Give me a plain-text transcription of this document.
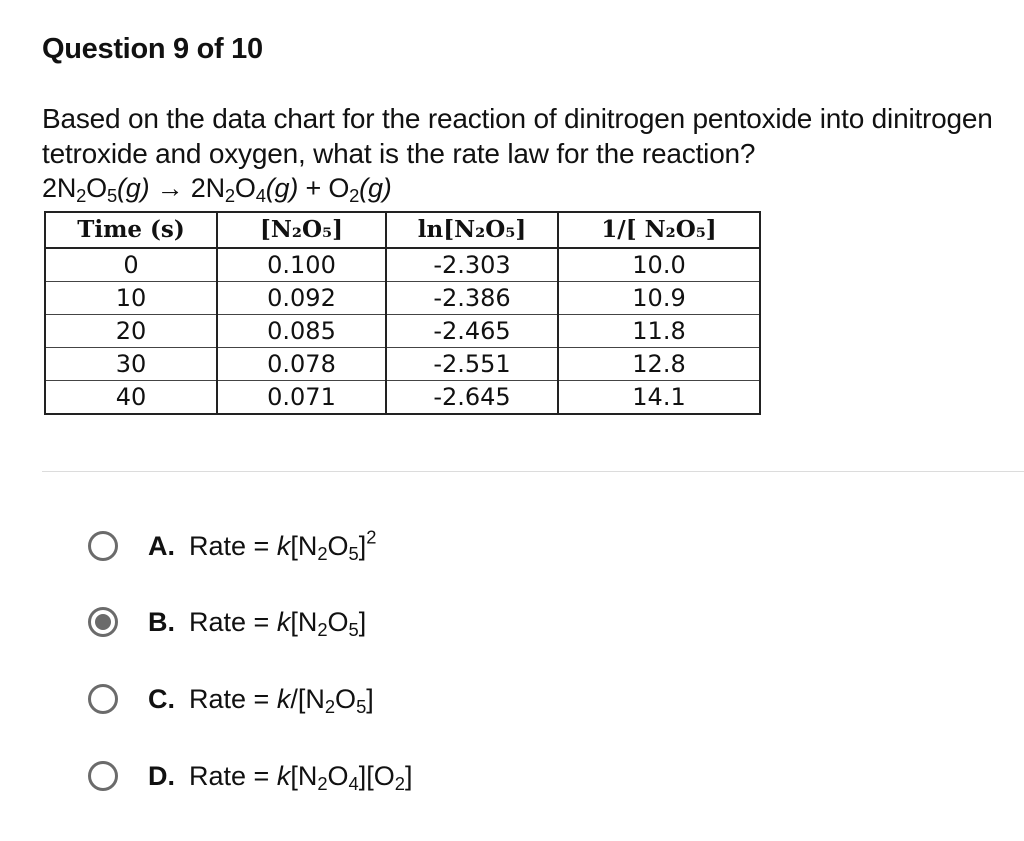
Question 9 of 10
Based on the data chart for the reaction of dinitrogen pentoxide into dinitrogen tetroxide and oxygen, what is the rate law for the reaction?
$2N_2O_5(g) \to 2N_2O_4(g) + O_2(g)$
Time (s)	[N₂O₅]	ln[N₂O₅]	1/[ N₂O₅]
0	0.100	-2.303	10.0
10	0.092	-2.386	10.9
20	0.085	-2.465	11.8
30	0.078	-2.551	12.8
40	0.071	-2.645	14.1
A. Rate = $k[N_2O_5]^2$
B. Rate = $k[N_2O_5]$
C. Rate = $k/[N_2O_5]$
D. Rate = $k[N_2O_4][O_2]$
